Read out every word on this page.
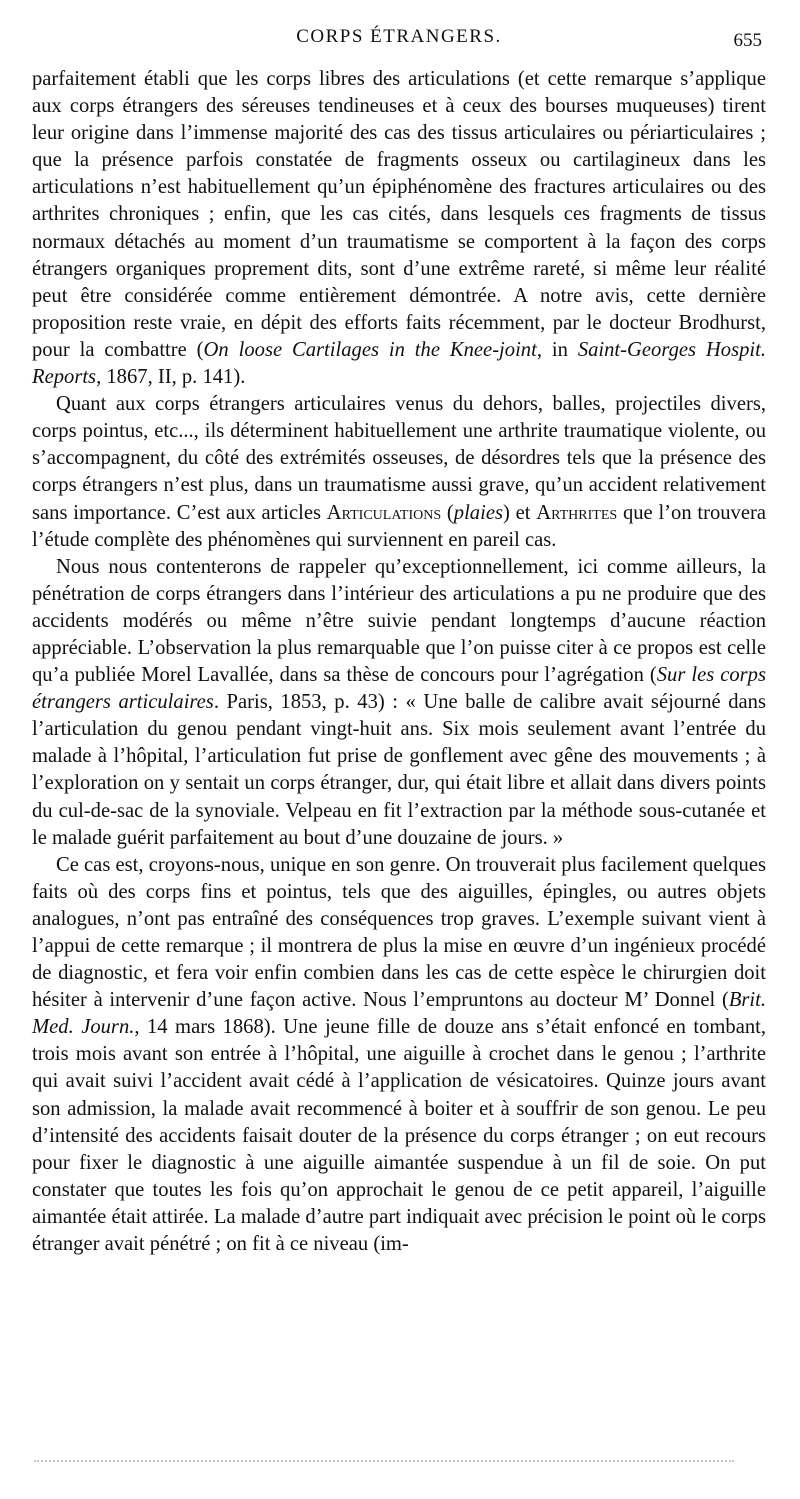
CORPS ÉTRANGERS.	655

parfaitement établi que les corps libres des articulations (et cette remarque s’applique aux corps étrangers des séreuses tendineuses et à ceux des bourses muqueuses) tirent leur origine dans l’immense majorité des cas des tissus articulaires ou périarticulaires ; que la présence parfois constatée de fragments osseux ou cartilagineux dans les articulations n’est habituellement qu’un épiphénomène des fractures articulaires ou des arthrites chroniques ; enfin, que les cas cités, dans lesquels ces fragments de tissus normaux détachés au moment d’un traumatisme se comportent à la façon des corps étrangers organiques proprement dits, sont d’une extrême rareté, si même leur réalité peut être considérée comme entièrement démontrée. A notre avis, cette dernière proposition reste vraie, en dépit des efforts faits récemment, par le docteur Brodhurst, pour la combattre (On loose Cartilages in the Knee-joint, in Saint-Georges Hospit. Reports, 1867, II, p. 141).

Quant aux corps étrangers articulaires venus du dehors, balles, projectiles divers, corps pointus, etc..., ils déterminent habituellement une arthrite traumatique violente, ou s’accompagnent, du côté des extrémités osseuses, de désordres tels que la présence des corps étrangers n’est plus, dans un traumatisme aussi grave, qu’un accident relativement sans importance. C’est aux articles Articulations (plaies) et Arthrites que l’on trouvera l’étude complète des phénomènes qui surviennent en pareil cas.

Nous nous contenterons de rappeler qu’exceptionnellement, ici comme ailleurs, la pénétration de corps étrangers dans l’intérieur des articulations a pu ne produire que des accidents modérés ou même n’être suivie pendant longtemps d’aucune réaction appréciable. L’observation la plus remarquable que l’on puisse citer à ce propos est celle qu’a publiée Morel Lavallée, dans sa thèse de concours pour l’agrégation (Sur les corps étrangers articulaires. Paris, 1853, p. 43) : « Une balle de calibre avait séjourné dans l’articulation du genou pendant vingt-huit ans. Six mois seulement avant l’entrée du malade à l’hôpital, l’articulation fut prise de gonflement avec gêne des mouvements ; à l’exploration on y sentait un corps étranger, dur, qui était libre et allait dans divers points du cul-de-sac de la synoviale. Velpeau en fit l’extraction par la méthode sous-cutanée et le malade guérit parfaitement au bout d’une douzaine de jours. »

Ce cas est, croyons-nous, unique en son genre. On trouverait plus facilement quelques faits où des corps fins et pointus, tels que des aiguilles, épingles, ou autres objets analogues, n’ont pas entraîné des conséquences trop graves. L’exemple suivant vient à l’appui de cette remarque ; il montrera de plus la mise en œuvre d’un ingénieux procédé de diagnostic, et fera voir enfin combien dans les cas de cette espèce le chirurgien doit hésiter à intervenir d’une façon active. Nous l’empruntons au docteur M’ Donnel (Brit. Med. Journ., 14 mars 1868). Une jeune fille de douze ans s’était enfoncé en tombant, trois mois avant son entrée à l’hôpital, une aiguille à crochet dans le genou ; l’arthrite qui avait suivi l’accident avait cédé à l’application de vésicatoires. Quinze jours avant son admission, la malade avait recommencé à boiter et à souffrir de son genou. Le peu d’intensité des accidents faisait douter de la présence du corps étranger ; on eut recours pour fixer le diagnostic à une aiguille aimantée suspendue à un fil de soie. On put constater que toutes les fois qu’on approchait le genou de ce petit appareil, l’aiguille aimantée était attirée. La malade d’autre part indiquait avec précision le point où le corps étranger avait pénétré ; on fit à ce niveau (im-
